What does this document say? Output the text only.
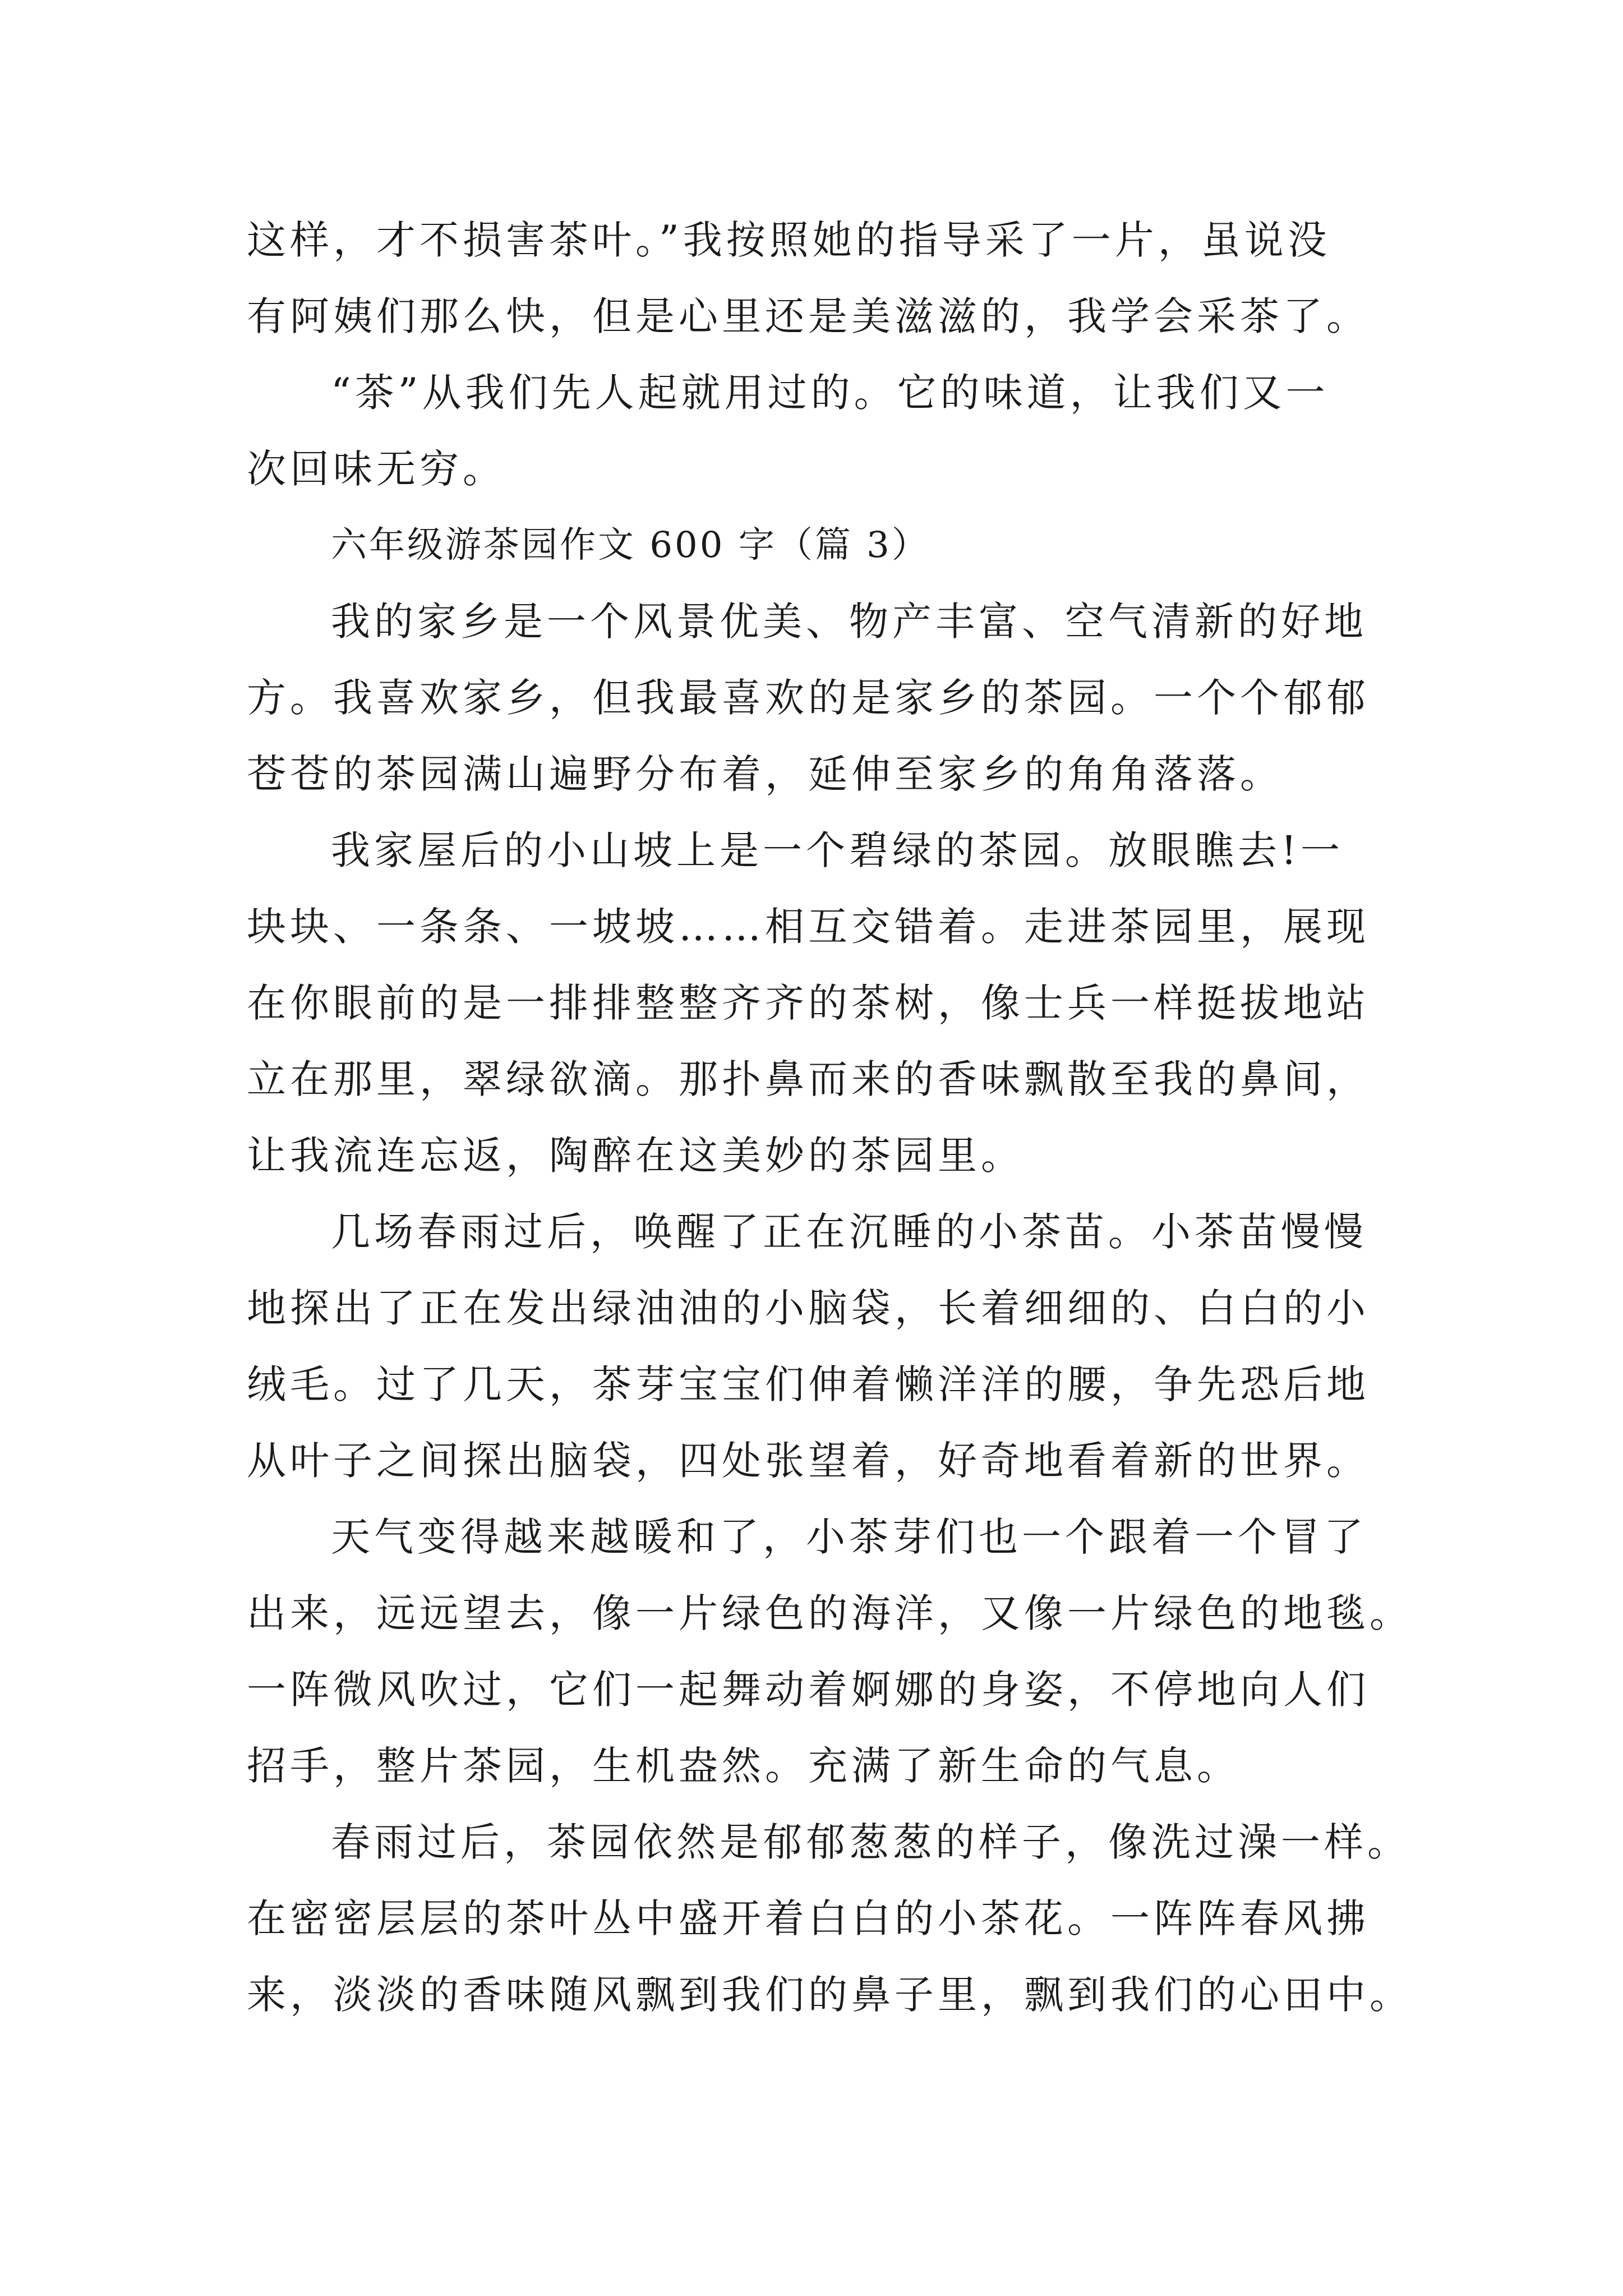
这样，才不损害茶叶。”我按照她的指导采了一片，虽说没
有阿姨们那么快，但是心里还是美滋滋的，我学会采茶了。
“茶”从我们先人起就用过的。它的味道，让我们又一
次回味无穷。
六年级游茶园作文 600 字（篇 3）
我的家乡是一个风景优美、物产丰富、空气清新的好地
方。我喜欢家乡，但我最喜欢的是家乡的茶园。一个个郁郁
苍苍的茶园满山遍野分布着，延伸至家乡的角角落落。
我家屋后的小山坡上是一个碧绿的茶园。放眼瞧去!一
块块、一条条、一坡坡……相互交错着。走进茶园里，展现
在你眼前的是一排排整整齐齐的茶树，像士兵一样挺拔地站
立在那里，翠绿欲滴。那扑鼻而来的香味飘散至我的鼻间，
让我流连忘返，陶醉在这美妙的茶园里。
几场春雨过后，唤醒了正在沉睡的小茶苗。小茶苗慢慢
地探出了正在发出绿油油的小脑袋，长着细细的、白白的小
绒毛。过了几天，茶芽宝宝们伸着懒洋洋的腰，争先恐后地
从叶子之间探出脑袋，四处张望着，好奇地看着新的世界。
天气变得越来越暖和了，小茶芽们也一个跟着一个冒了
出来，远远望去，像一片绿色的海洋，又像一片绿色的地毯。
一阵微风吹过，它们一起舞动着婀娜的身姿，不停地向人们
招手，整片茶园，生机盎然。充满了新生命的气息。
春雨过后，茶园依然是郁郁葱葱的样子，像洗过澡一样。
在密密层层的茶叶丛中盛开着白白的小茶花。一阵阵春风拂
来，淡淡的香味随风飘到我们的鼻子里，飘到我们的心田中。
